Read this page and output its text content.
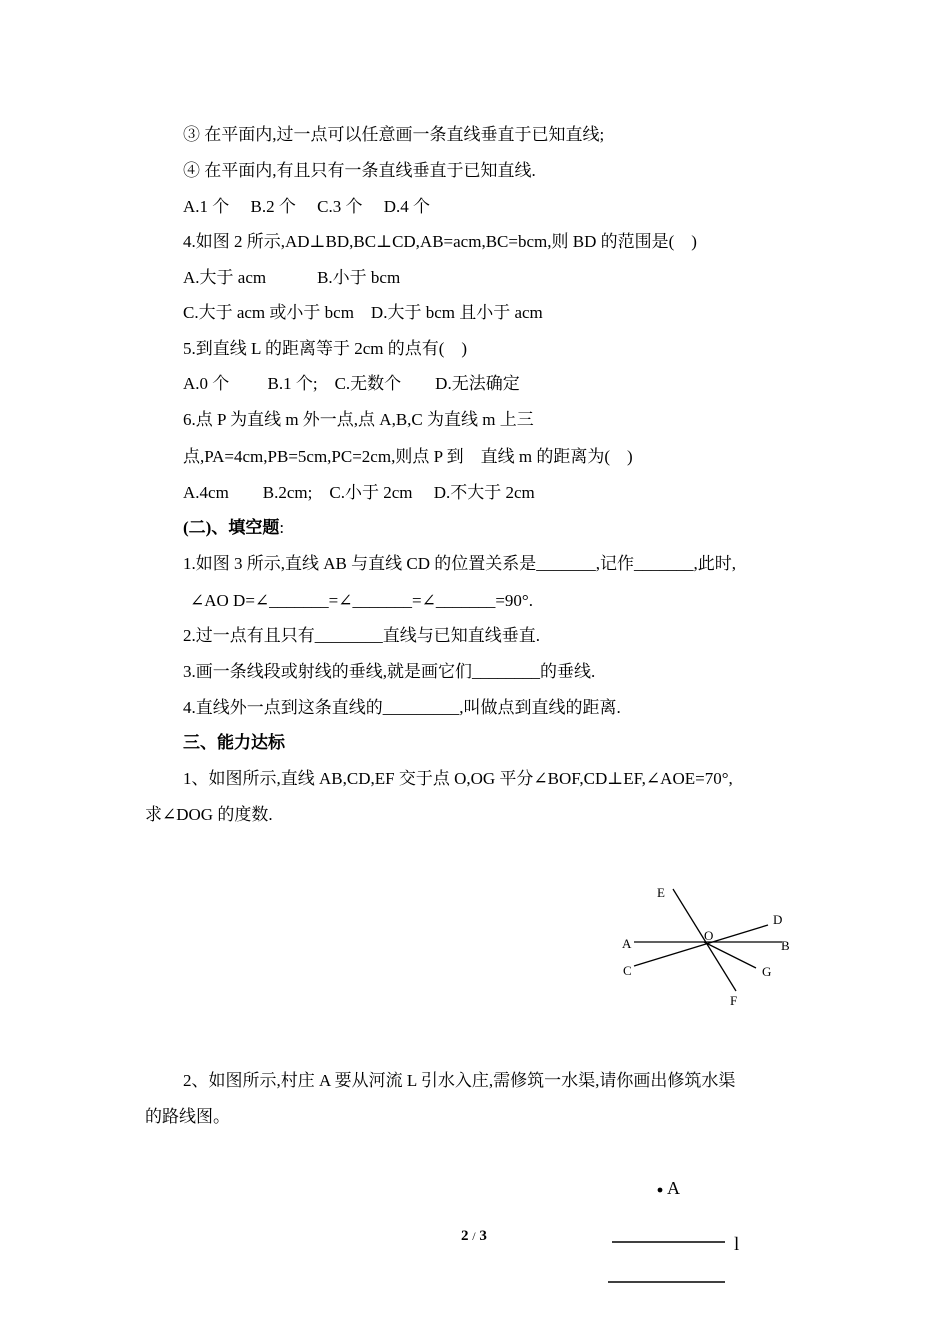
③ 在平面内,过一点可以任意画一条直线垂直于已知直线;
④ 在平面内,有且只有一条直线垂直于已知直线.
A.1 个　 B.2 个　 C.3 个　 D.4 个
4.如图 2 所示,AD⊥BD,BC⊥CD,AB=acm,BC=bcm,则 BD 的范围是(　)
A.大于 acm　　　B.小于 bcm
C.大于 acm 或小于 bcm　D.大于 bcm 且小于 acm
5.到直线 L 的距离等于 2cm 的点有(　)
A.0 个　　 B.1 个;　C.无数个　　D.无法确定
6.点 P 为直线 m 外一点,点 A,B,C 为直线 m 上三
点,PA=4cm,PB=5cm,PC=2cm,则点 P 到　直线 m 的距离为(　)
A.4cm　　B.2cm;　C.小于 2cm　 D.不大于 2cm
(二)、填空题:
1.如图 3 所示,直线 AB 与直线 CD 的位置关系是_______,记作_______,此时,
∠AO D=∠_______=∠_______=∠_______=90°.
2.过一点有且只有________直线与已知直线垂直.
3.画一条线段或射线的垂线,就是画它们________的垂线.
4.直线外一点到这条直线的_________,叫做点到直线的距离.
三、能力达标
1、如图所示,直线 AB,CD,EF 交于点 O,OG 平分∠BOF,CD⊥EF,∠AOE=70°,
求∠DOG 的度数.
E
D
A
O
B
C	G
F
2、如图所示,村庄 A 要从河流 L 引水入庄,需修筑一水渠,请你画出修筑水渠
的路线图。
A
l
2 / 3
